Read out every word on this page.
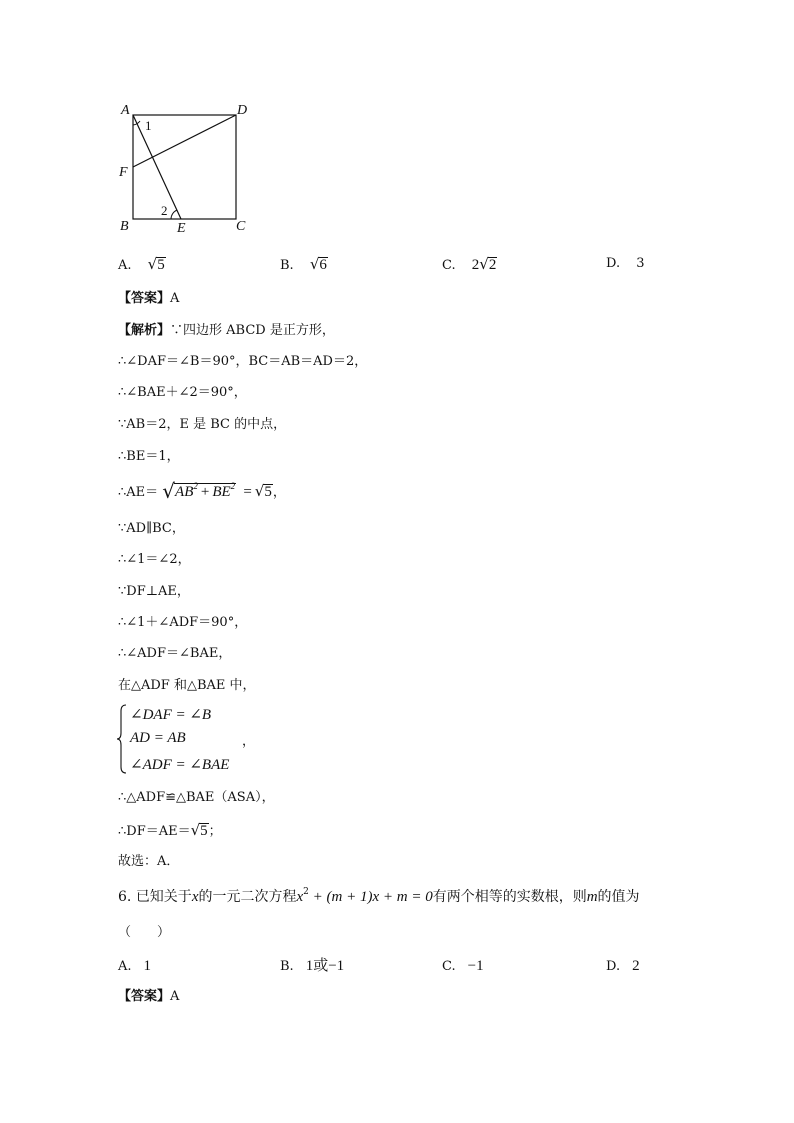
A	D
F
B	E	C
1
2
A. √5	B. √6	C. 2√2	D. 3
【答案】A
【解析】∵四边形 ABCD 是正方形，
∴∠DAF＝∠B＝90°，BC＝AB＝AD＝2，
∴∠BAE＋∠2＝90°，
∵AB＝2，E 是 BC 的中点，
∴BE＝1，
∴AE＝ $√AB^2 + BE^2 = √5$，
∵AD∥BC，
∴∠1＝∠2，
∵DF⊥AE，
∴∠1＋∠ADF＝90°，
∴∠ADF＝∠BAE，
在△ADF 和△BAE 中，
∠DAF = ∠B
AD = AB
∠ADF = ∠BAE
，
∴△ADF≌△BAE（ASA），
∴DF＝AE＝√5；
故选：A．
6. 已知关于x的一元二次方程$x^2 + (m + 1)x + m = 0$有两个相等的实数根，则m的值为
（　　）
A. 1	B. 1或−1	C. −1	D. 2
【答案】A
